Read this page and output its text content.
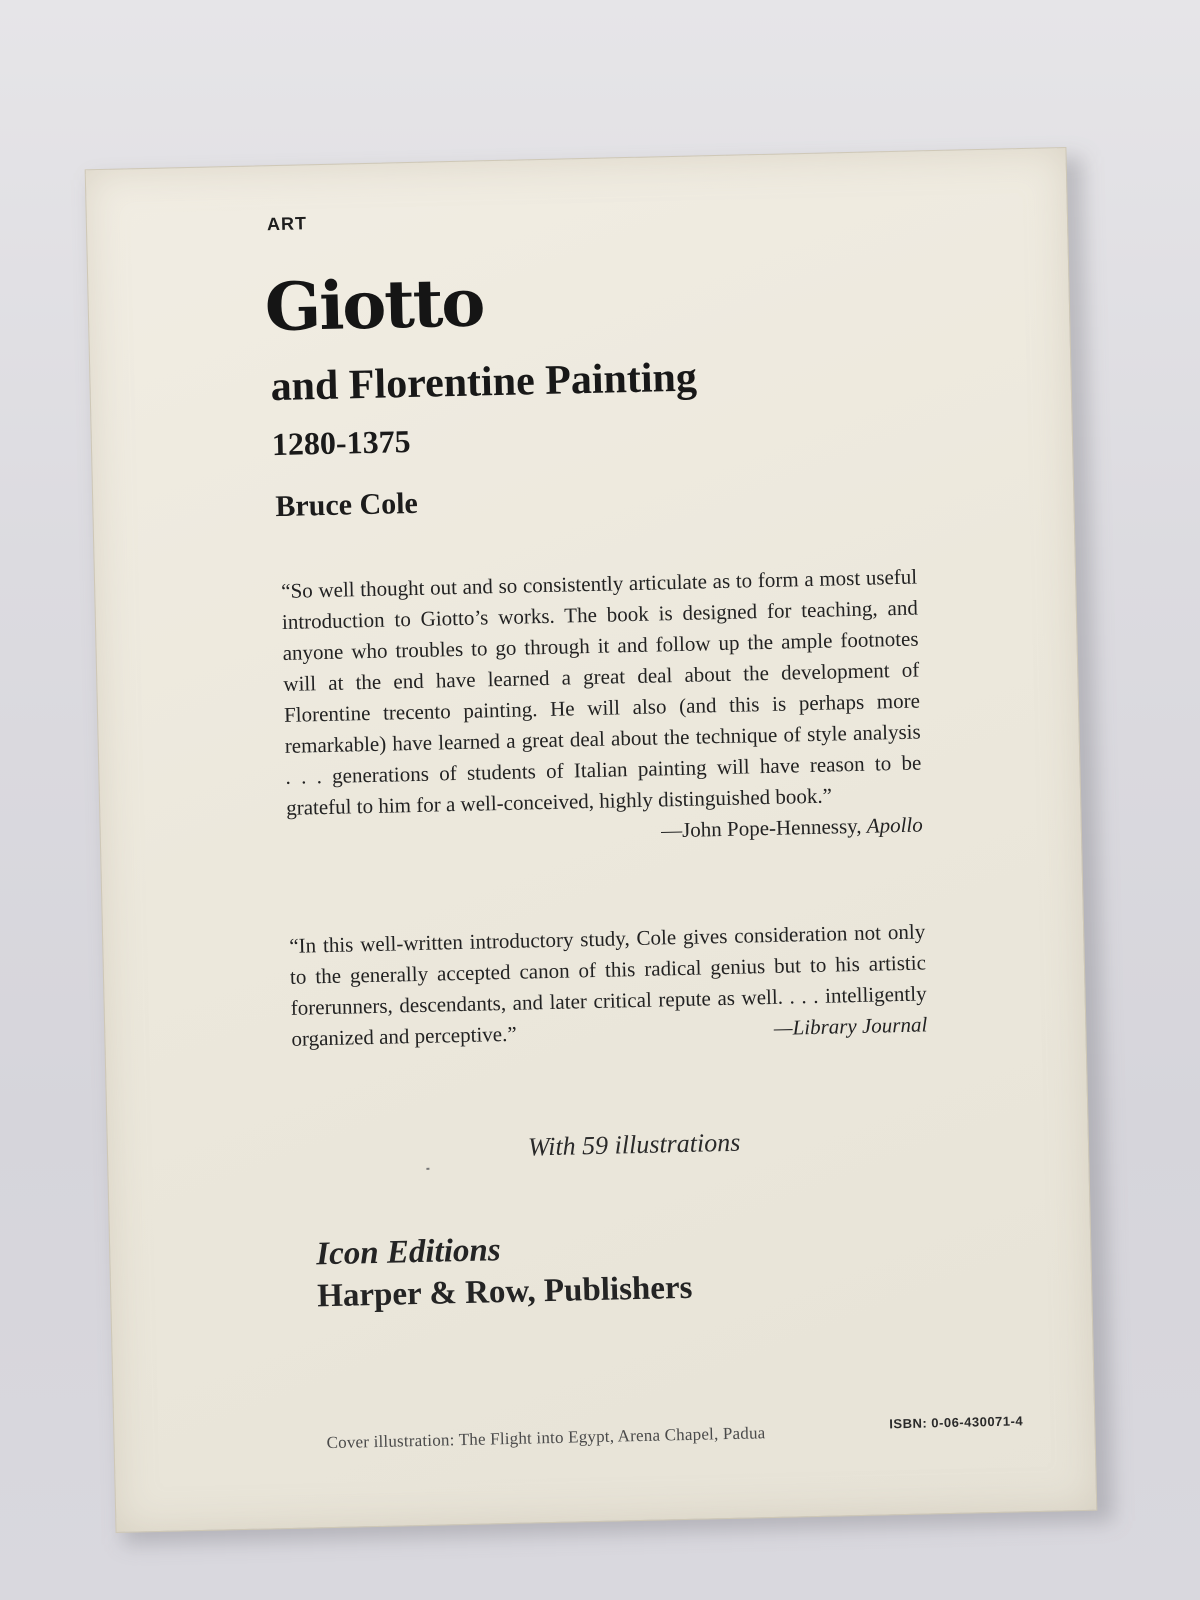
ART
Giotto
and Florentine Painting
1280-1375
Bruce Cole
“So well thought out and so consistently articulate as to form a most useful introduction to Giotto’s works. The book is designed for teaching, and anyone who troubles to go through it and follow up the ample footnotes will at the end have learned a great deal about the development of Florentine trecento painting. He will also (and this is perhaps more remarkable) have learned a great deal about the technique of style analysis . . . generations of students of Italian painting will have reason to be grateful to him for a well-conceived, highly distinguished book.”
—John Pope-Hennessy, Apollo
“In this well-written introductory study, Cole gives consideration not only to the generally accepted canon of this radical genius but to his artistic forerunners, descendants, and later critical repute as well. . . . intelligently organized and perceptive.”	—Library Journal
With 59 illustrations
Icon Editions
Harper & Row, Publishers
Cover illustration: The Flight into Egypt, Arena Chapel, Padua
ISBN: 0-06-430071-4
